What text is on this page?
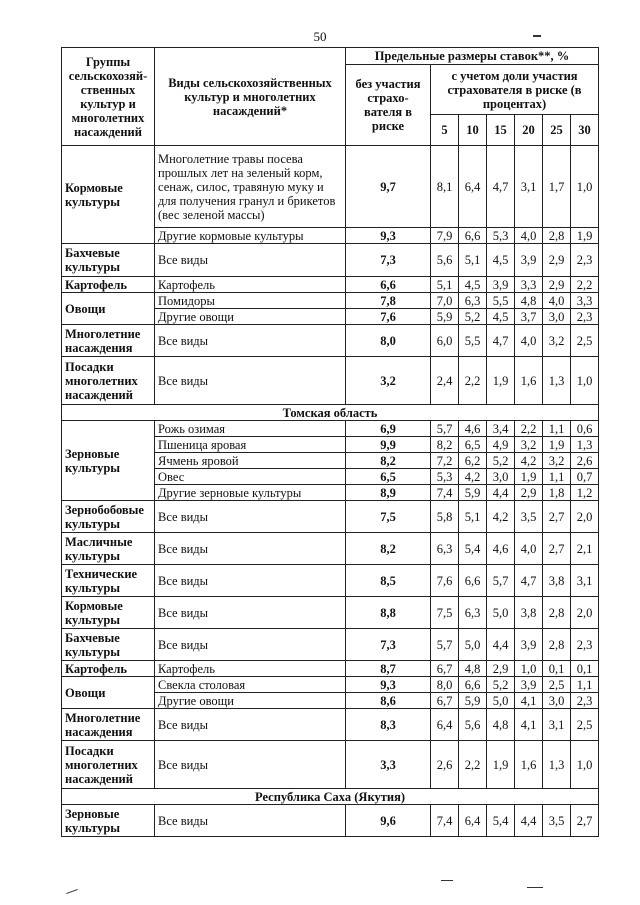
50
Группы сельскохозяй-ственных культур и многолетних насаждений	Виды сельскохозяйственных культур и многолетних насаждений*	Предельные размеры ставок**, %						
		без участия страхо-вателя в риске	с учетом доли участия страхователя в риске (в процентах)					
			5	10	15	20	25	30
Кормовые культуры	Многолетние травы посева прошлых лет на зеленый корм, сенаж, силос, травяную муку и для получения гранул и брикетов (вес зеленой массы)	9,7	8,1	6,4	4,7	3,1	1,7	1,0
	Другие кормовые культуры	9,3	7,9	6,6	5,3	4,0	2,8	1,9
Бахчевые культуры	Все виды	7,3	5,6	5,1	4,5	3,9	2,9	2,3
Картофель	Картофель	6,6	5,1	4,5	3,9	3,3	2,9	2,2
Овощи	Помидоры	7,8	7,0	6,3	5,5	4,8	4,0	3,3
	Другие овощи	7,6	5,9	5,2	4,5	3,7	3,0	2,3
Многолетние насаждения	Все виды	8,0	6,0	5,5	4,7	4,0	3,2	2,5
Посадки многолетних насаждений	Все виды	3,2	2,4	2,2	1,9	1,6	1,3	1,0
Томская область								
Зерновые культуры	Рожь озимая	6,9	5,7	4,6	3,4	2,2	1,1	0,6
	Пшеница яровая	9,9	8,2	6,5	4,9	3,2	1,9	1,3
	Ячмень яровой	8,2	7,2	6,2	5,2	4,2	3,2	2,6
	Овес	6,5	5,3	4,2	3,0	1,9	1,1	0,7
	Другие зерновые культуры	8,9	7,4	5,9	4,4	2,9	1,8	1,2
Зернобобовые культуры	Все виды	7,5	5,8	5,1	4,2	3,5	2,7	2,0
Масличные культуры	Все виды	8,2	6,3	5,4	4,6	4,0	2,7	2,1
Технические культуры	Все виды	8,5	7,6	6,6	5,7	4,7	3,8	3,1
Кормовые культуры	Все виды	8,8	7,5	6,3	5,0	3,8	2,8	2,0
Бахчевые культуры	Все виды	7,3	5,7	5,0	4,4	3,9	2,8	2,3
Картофель	Картофель	8,7	6,7	4,8	2,9	1,0	0,1	0,1
Овощи	Свекла столовая	9,3	8,0	6,6	5,2	3,9	2,5	1,1
	Другие овощи	8,6	6,7	5,9	5,0	4,1	3,0	2,3
Многолетние насаждения	Все виды	8,3	6,4	5,6	4,8	4,1	3,1	2,5
Посадки многолетних насаждений	Все виды	3,3	2,6	2,2	1,9	1,6	1,3	1,0
Республика Саха (Якутия)								
Зерновые культуры	Все виды	9,6	7,4	6,4	5,4	4,4	3,5	2,7
